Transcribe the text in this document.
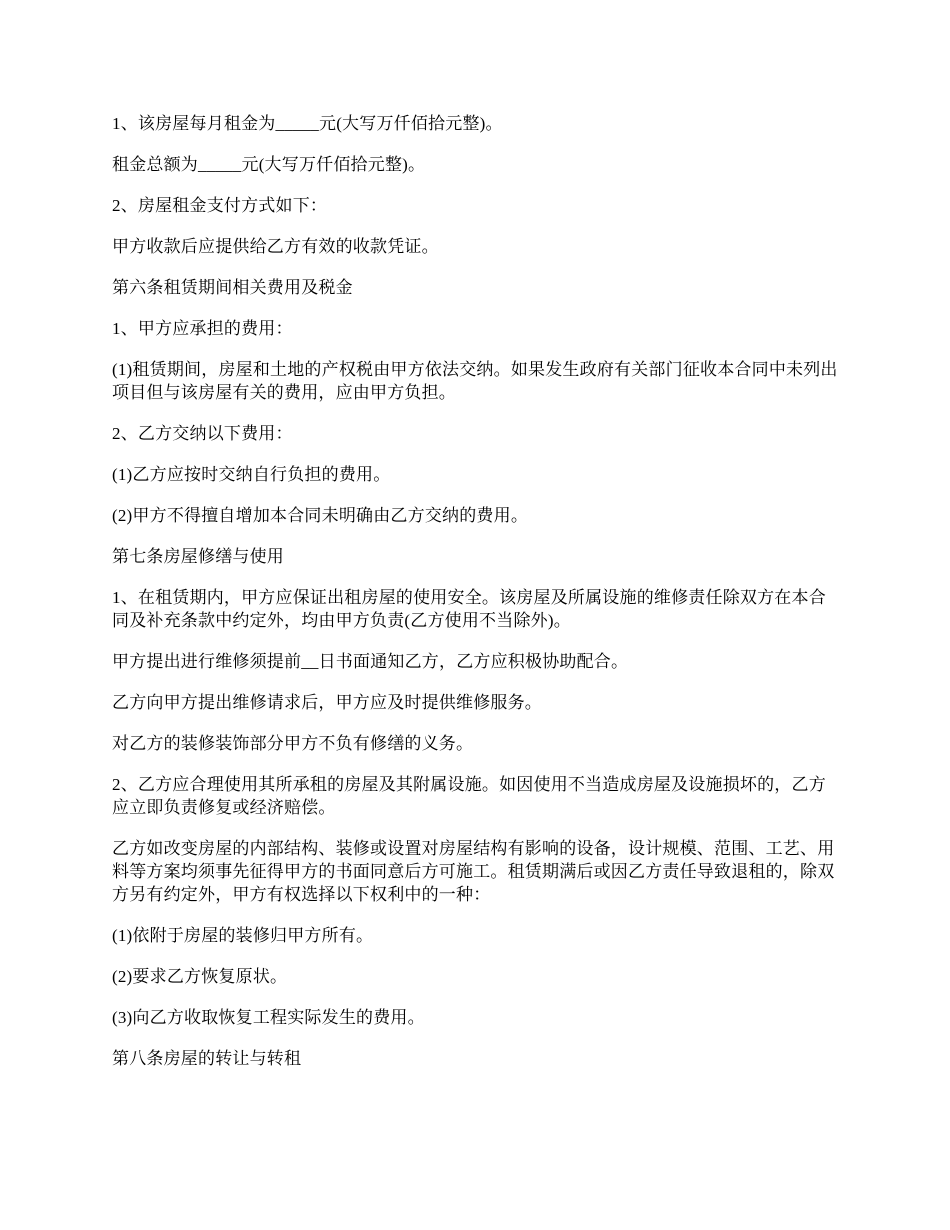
1、该房屋每月租金为_____元(大写万仟佰拾元整)。

租金总额为_____元(大写万仟佰拾元整)。

2、房屋租金支付方式如下：

甲方收款后应提供给乙方有效的收款凭证。

第六条租赁期间相关费用及税金

1、甲方应承担的费用：

(1)租赁期间，房屋和土地的产权税由甲方依法交纳。如果发生政府有关部门征收本合同中未列出项目但与该房屋有关的费用，应由甲方负担。

2、乙方交纳以下费用：

(1)乙方应按时交纳自行负担的费用。

(2)甲方不得擅自增加本合同未明确由乙方交纳的费用。

第七条房屋修缮与使用

1、在租赁期内，甲方应保证出租房屋的使用安全。该房屋及所属设施的维修责任除双方在本合同及补充条款中约定外，均由甲方负责(乙方使用不当除外)。

甲方提出进行维修须提前__日书面通知乙方，乙方应积极协助配合。

乙方向甲方提出维修请求后，甲方应及时提供维修服务。

对乙方的装修装饰部分甲方不负有修缮的义务。

2、乙方应合理使用其所承租的房屋及其附属设施。如因使用不当造成房屋及设施损坏的，乙方应立即负责修复或经济赔偿。

乙方如改变房屋的内部结构、装修或设置对房屋结构有影响的设备，设计规模、范围、工艺、用料等方案均须事先征得甲方的书面同意后方可施工。租赁期满后或因乙方责任导致退租的，除双方另有约定外，甲方有权选择以下权利中的一种：

(1)依附于房屋的装修归甲方所有。

(2)要求乙方恢复原状。

(3)向乙方收取恢复工程实际发生的费用。

第八条房屋的转让与转租
